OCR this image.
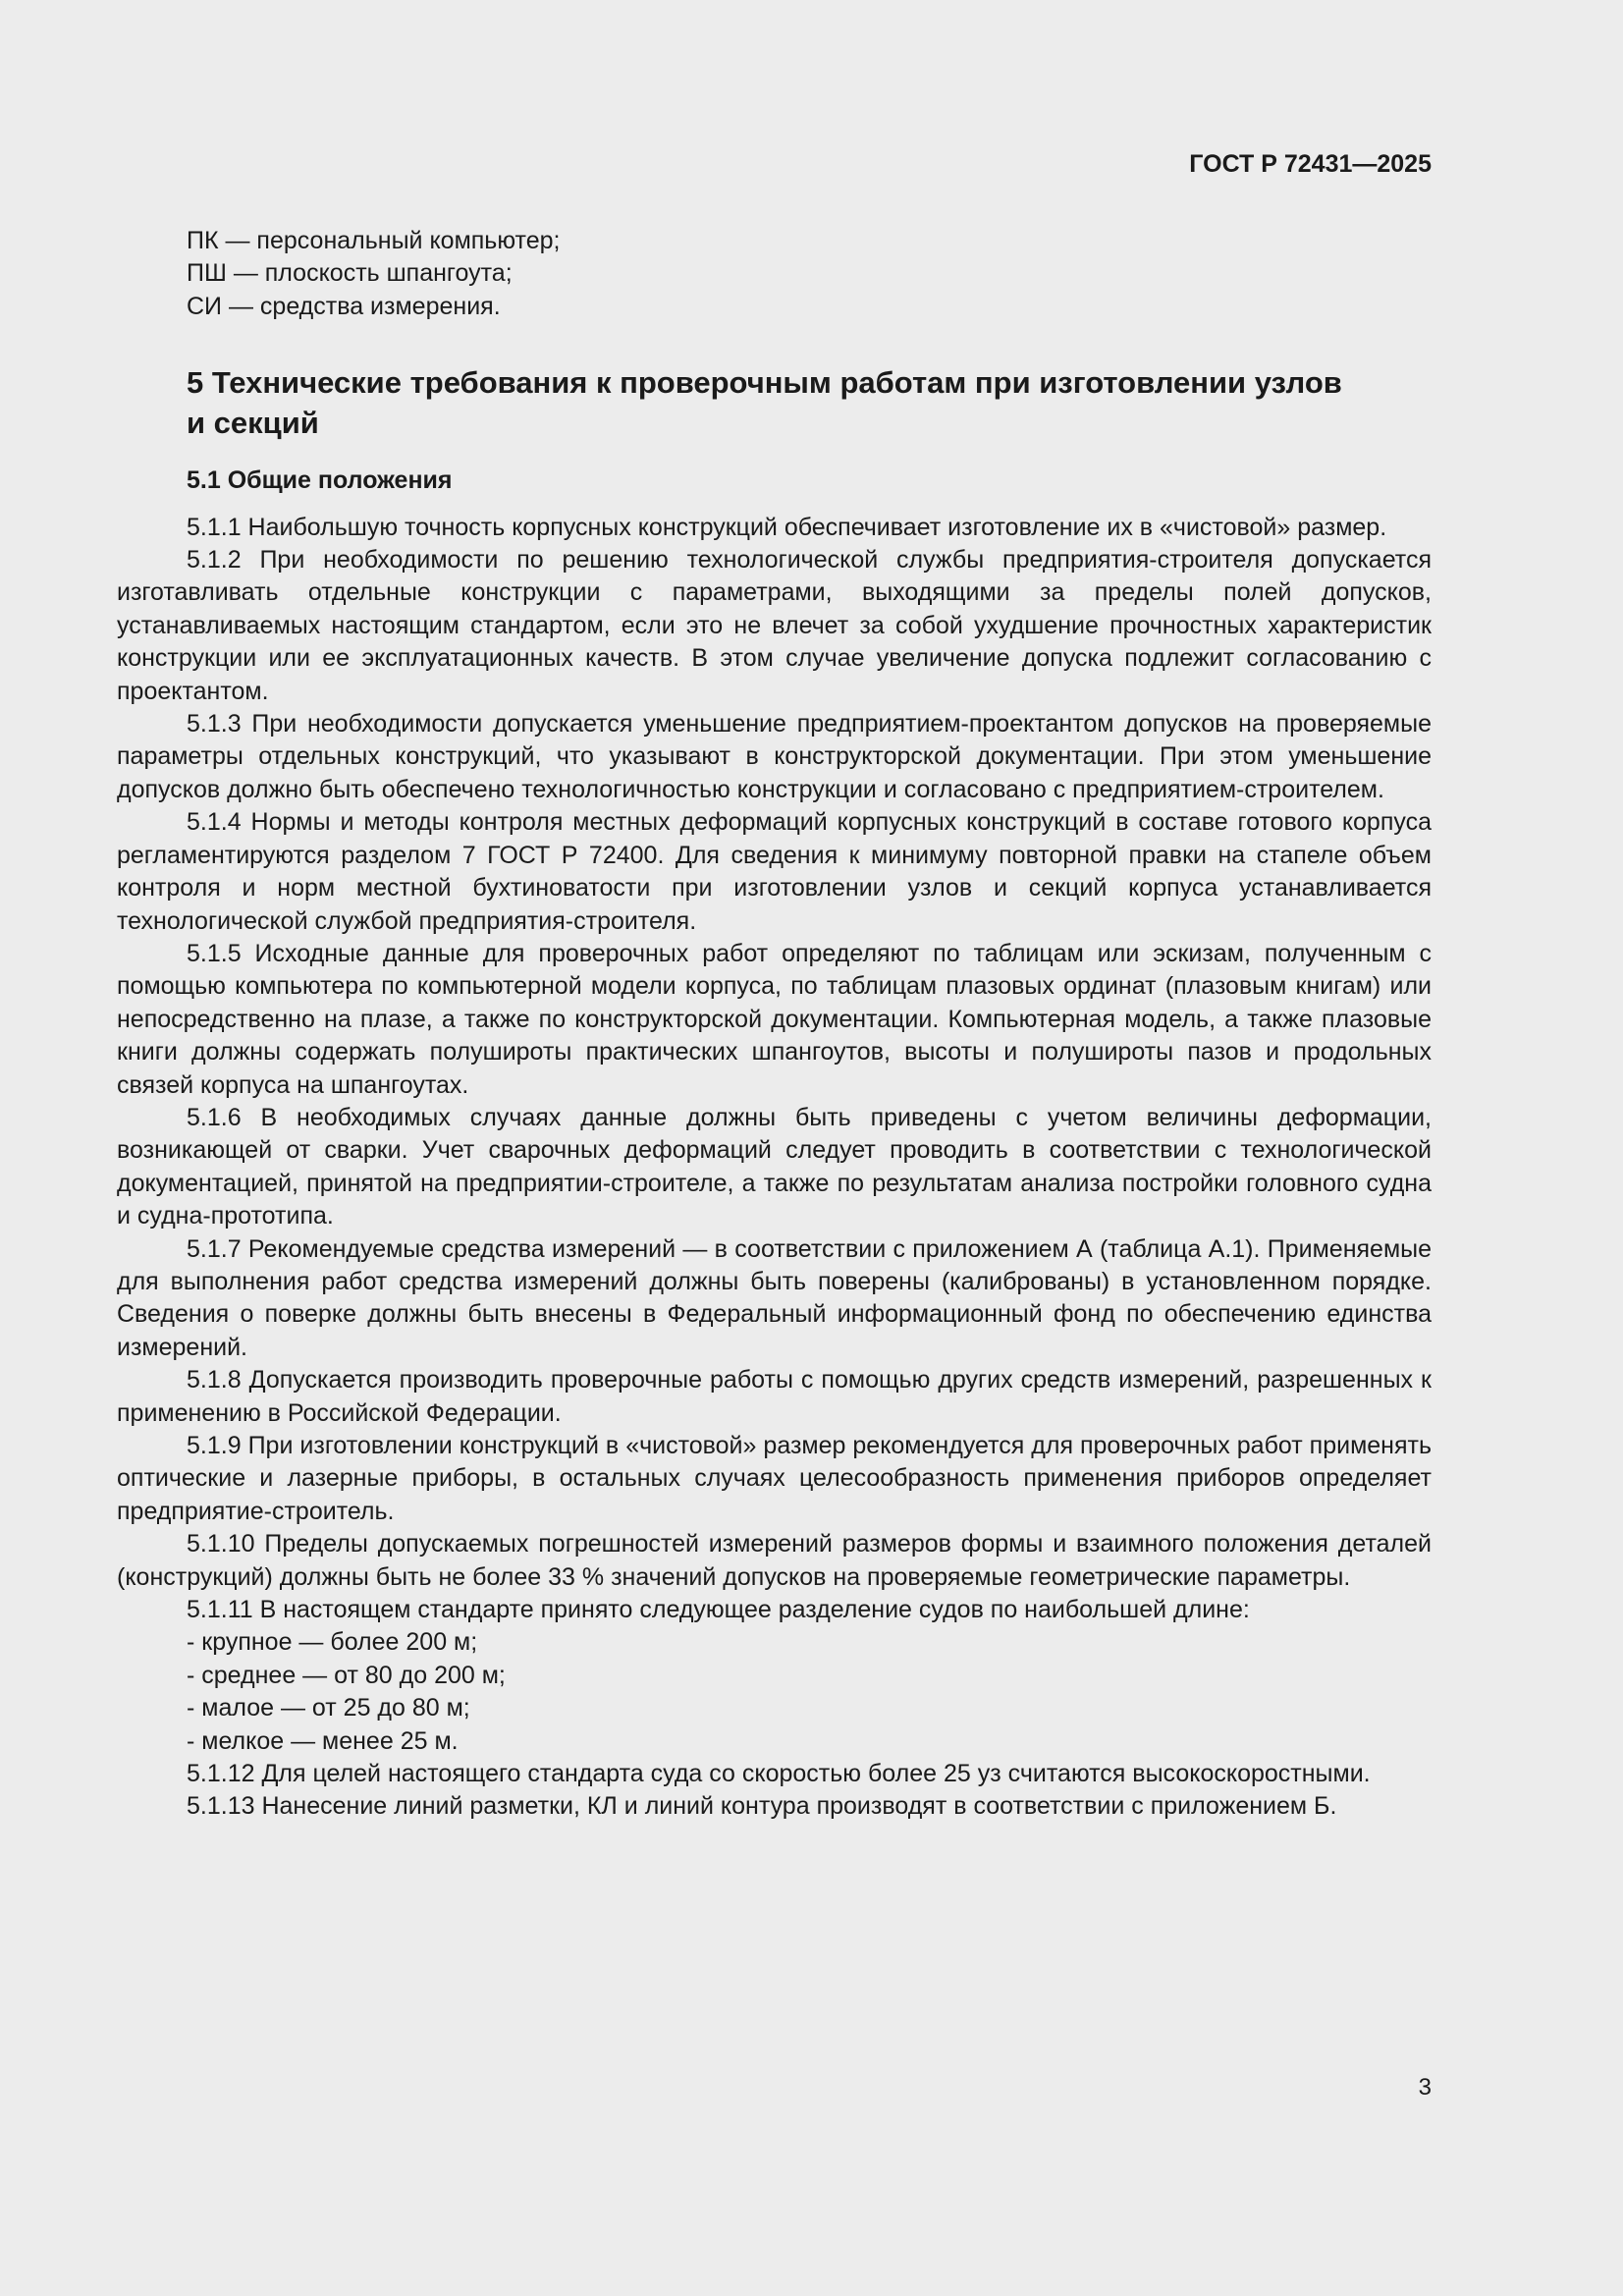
ГОСТ Р 72431—2025
ПК — персональный компьютер;
ПШ — плоскость шпангоута;
СИ — средства измерения.
5 Технические требования к проверочным работам при изготовлении узлов и секций
5.1 Общие положения

5.1.1 Наибольшую точность корпусных конструкций обеспечивает изготовление их в «чистовой» размер.

5.1.2 При необходимости по решению технологической службы предприятия-строителя допускается изготавливать отдельные конструкции с параметрами, выходящими за пределы полей допусков, устанавливаемых настоящим стандартом, если это не влечет за собой ухудшение прочностных характеристик конструкции или ее эксплуатационных качеств. В этом случае увеличение допуска подлежит согласованию с проектантом.

5.1.3 При необходимости допускается уменьшение предприятием-проектантом допусков на проверяемые параметры отдельных конструкций, что указывают в конструкторской документации. При этом уменьшение допусков должно быть обеспечено технологичностью конструкции и согласовано с предприятием-строителем.

5.1.4 Нормы и методы контроля местных деформаций корпусных конструкций в составе готового корпуса регламентируются разделом 7 ГОСТ Р 72400. Для сведения к минимуму повторной правки на стапеле объем контроля и норм местной бухтиноватости при изготовлении узлов и секций корпуса устанавливается технологической службой предприятия-строителя.

5.1.5 Исходные данные для проверочных работ определяют по таблицам или эскизам, полученным с помощью компьютера по компьютерной модели корпуса, по таблицам плазовых ординат (плазовым книгам) или непосредственно на плазе, а также по конструкторской документации. Компьютерная модель, а также плазовые книги должны содержать полушироты практических шпангоутов, высоты и полушироты пазов и продольных связей корпуса на шпангоутах.

5.1.6 В необходимых случаях данные должны быть приведены с учетом величины деформации, возникающей от сварки. Учет сварочных деформаций следует проводить в соответствии с технологической документацией, принятой на предприятии-строителе, а также по результатам анализа постройки головного судна и судна-прототипа.

5.1.7 Рекомендуемые средства измерений — в соответствии с приложением А (таблица А.1). Применяемые для выполнения работ средства измерений должны быть поверены (калиброваны) в установленном порядке. Сведения о поверке должны быть внесены в Федеральный информационный фонд по обеспечению единства измерений.

5.1.8 Допускается производить проверочные работы с помощью других средств измерений, разрешенных к применению в Российской Федерации.

5.1.9 При изготовлении конструкций в «чистовой» размер рекомендуется для проверочных работ применять оптические и лазерные приборы, в остальных случаях целесообразность применения приборов определяет предприятие-строитель.

5.1.10 Пределы допускаемых погрешностей измерений размеров формы и взаимного положения деталей (конструкций) должны быть не более 33 % значений допусков на проверяемые геометрические параметры.

5.1.11 В настоящем стандарте принято следующее разделение судов по наибольшей длине:

- крупное — более 200 м;
- среднее — от 80 до 200 м;
- малое — от 25 до 80 м;
- мелкое — менее 25 м.

5.1.12 Для целей настоящего стандарта суда со скоростью более 25 уз считаются высокоскоростными.

5.1.13 Нанесение линий разметки, КЛ и линий контура производят в соответствии с приложением Б.

3
